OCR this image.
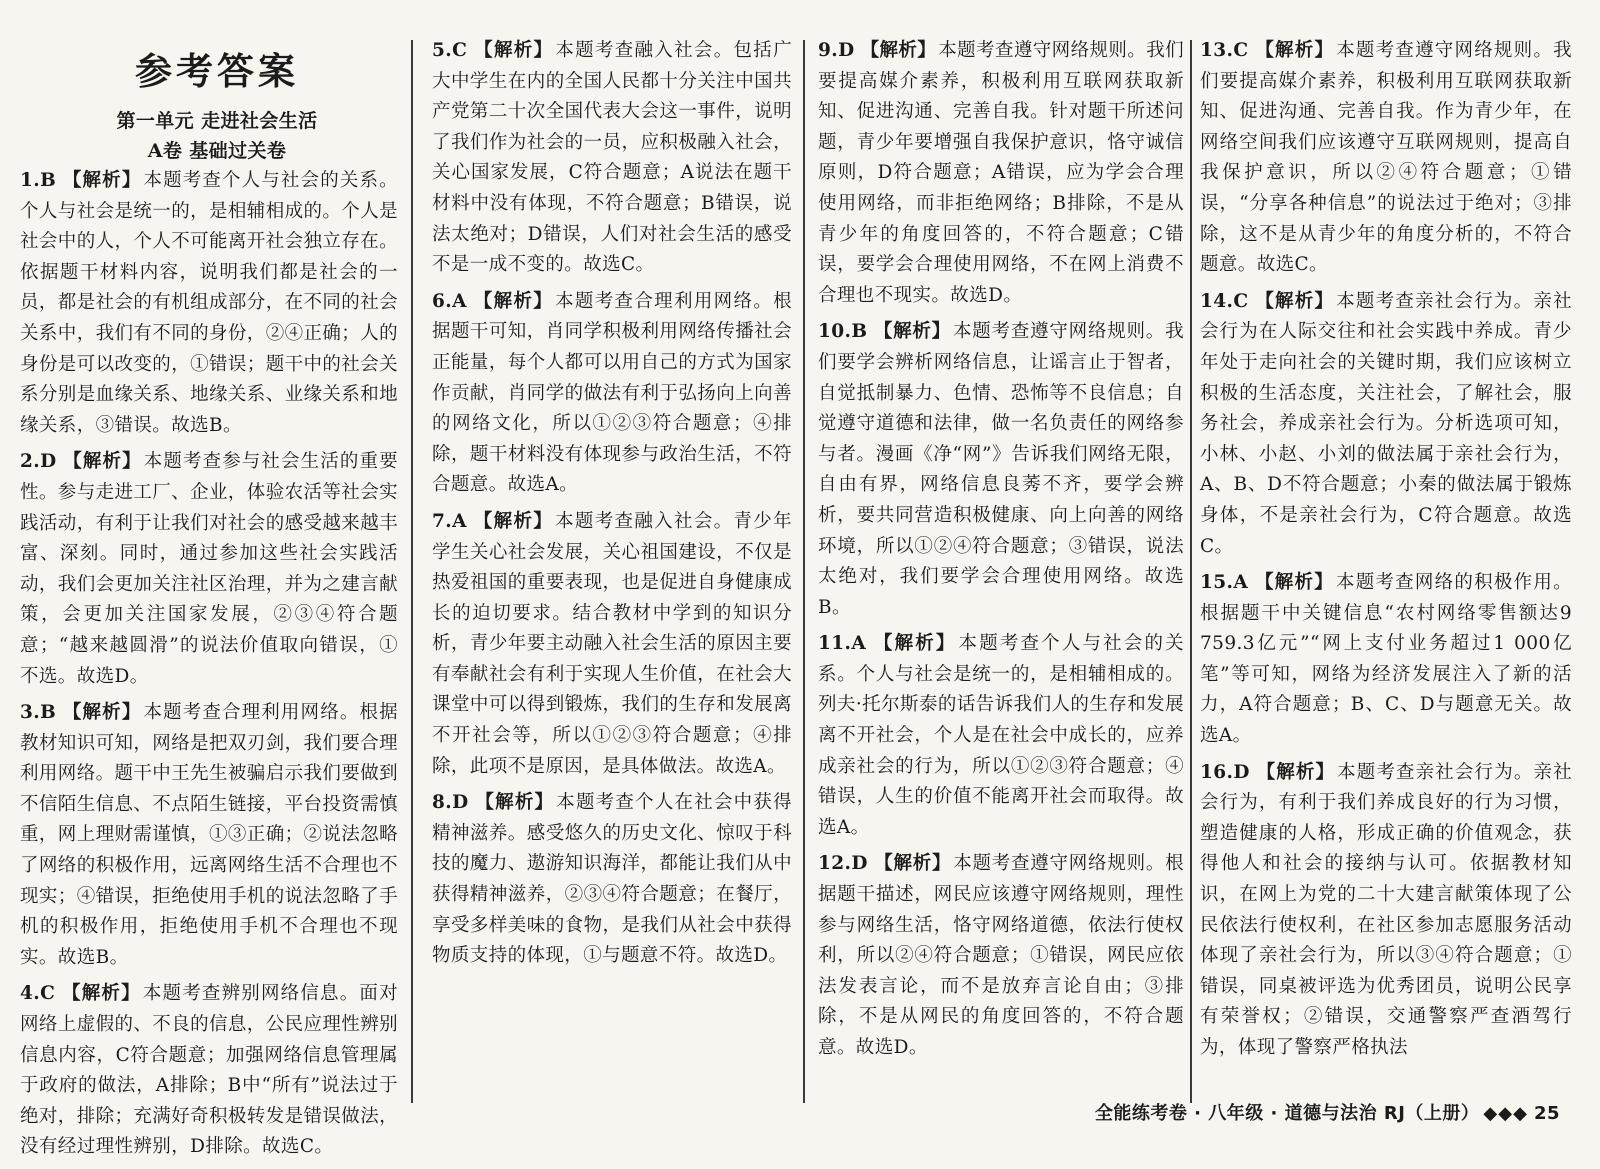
参考答案
第一单元 走进社会生活
A卷 基础过关卷
1.B 【解析】 本题考查个人与社会的关系。个人与社会是统一的，是相辅相成的。个人是社会中的人，个人不可能离开社会独立存在。依据题干材料内容，说明我们都是社会的一员，都是社会的有机组成部分，在不同的社会关系中，我们有不同的身份，②④正确；人的身份是可以改变的，①错误；题干中的社会关系分别是血缘关系、地缘关系、业缘关系和地缘关系，③错误。故选B。
2.D 【解析】 本题考查参与社会生活的重要性。参与走进工厂、企业，体验农活等社会实践活动，有利于让我们对社会的感受越来越丰富、深刻。同时，通过参加这些社会实践活动，我们会更加关注社区治理，并为之建言献策，会更加关注国家发展，②③④符合题意；“越来越圆滑”的说法价值取向错误，①不选。故选D。
3.B 【解析】 本题考查合理利用网络。根据教材知识可知，网络是把双刃剑，我们要合理利用网络。题干中王先生被骗启示我们要做到不信陌生信息、不点陌生链接，平台投资需慎重，网上理财需谨慎，①③正确；②说法忽略了网络的积极作用，远离网络生活不合理也不现实；④错误，拒绝使用手机的说法忽略了手机的积极作用，拒绝使用手机不合理也不现实。故选B。
4.C 【解析】 本题考查辨别网络信息。面对网络上虚假的、不良的信息，公民应理性辨别信息内容，C符合题意；加强网络信息管理属于政府的做法，A排除；B中“所有”说法过于绝对，排除；充满好奇积极转发是错误做法，没有经过理性辨别，D排除。故选C。
5.C 【解析】 本题考查融入社会。包括广大中学生在内的全国人民都十分关注中国共产党第二十次全国代表大会这一事件，说明了我们作为社会的一员，应积极融入社会，关心国家发展，C符合题意；A说法在题干材料中没有体现，不符合题意；B错误，说法太绝对；D错误，人们对社会生活的感受不是一成不变的。故选C。
6.A 【解析】 本题考查合理利用网络。根据题干可知，肖同学积极利用网络传播社会正能量，每个人都可以用自己的方式为国家作贡献，肖同学的做法有利于弘扬向上向善的网络文化，所以①②③符合题意；④排除，题干材料没有体现参与政治生活，不符合题意。故选A。
7.A 【解析】 本题考查融入社会。青少年学生关心社会发展，关心祖国建设，不仅是热爱祖国的重要表现，也是促进自身健康成长的迫切要求。结合教材中学到的知识分析，青少年要主动融入社会生活的原因主要有奉献社会有利于实现人生价值，在社会大课堂中可以得到锻炼，我们的生存和发展离不开社会等，所以①②③符合题意；④排除，此项不是原因，是具体做法。故选A。
8.D 【解析】 本题考查个人在社会中获得精神滋养。感受悠久的历史文化、惊叹于科技的魔力、遨游知识海洋，都能让我们从中获得精神滋养，②③④符合题意；在餐厅，享受多样美味的食物，是我们从社会中获得物质支持的体现，①与题意不符。故选D。
9.D 【解析】 本题考查遵守网络规则。我们要提高媒介素养，积极利用互联网获取新知、促进沟通、完善自我。针对题干所述问题，青少年要增强自我保护意识，恪守诚信原则，D符合题意；A错误，应为学会合理使用网络，而非拒绝网络；B排除，不是从青少年的角度回答的，不符合题意；C错误，要学会合理使用网络，不在网上消费不合理也不现实。故选D。
10.B 【解析】 本题考查遵守网络规则。我们要学会辨析网络信息，让谣言止于智者，自觉抵制暴力、色情、恐怖等不良信息；自觉遵守道德和法律，做一名负责任的网络参与者。漫画《净“网”》告诉我们网络无限，自由有界，网络信息良莠不齐，要学会辨析，要共同营造积极健康、向上向善的网络环境，所以①②④符合题意；③错误，说法太绝对，我们要学会合理使用网络。故选B。
11.A 【解析】 本题考查个人与社会的关系。个人与社会是统一的，是相辅相成的。列夫·托尔斯泰的话告诉我们人的生存和发展离不开社会，个人是在社会中成长的，应养成亲社会的行为，所以①②③符合题意；④错误，人生的价值不能离开社会而取得。故选A。
12.D 【解析】 本题考查遵守网络规则。根据题干描述，网民应该遵守网络规则，理性参与网络生活，恪守网络道德，依法行使权利，所以②④符合题意；①错误，网民应依法发表言论，而不是放弃言论自由；③排除，不是从网民的角度回答的，不符合题意。故选D。
13.C 【解析】 本题考查遵守网络规则。我们要提高媒介素养，积极利用互联网获取新知、促进沟通、完善自我。作为青少年，在网络空间我们应该遵守互联网规则，提高自我保护意识，所以②④符合题意；①错误，“分享各种信息”的说法过于绝对；③排除，这不是从青少年的角度分析的，不符合题意。故选C。
14.C 【解析】 本题考查亲社会行为。亲社会行为在人际交往和社会实践中养成。青少年处于走向社会的关键时期，我们应该树立积极的生活态度，关注社会，了解社会，服务社会，养成亲社会行为。分析选项可知，小林、小赵、小刘的做法属于亲社会行为，A、B、D不符合题意；小秦的做法属于锻炼身体，不是亲社会行为，C符合题意。故选C。
15.A 【解析】 本题考查网络的积极作用。根据题干中关键信息“农村网络零售额达9 759.3亿元”“网上支付业务超过1 000亿笔”等可知，网络为经济发展注入了新的活力，A符合题意；B、C、D与题意无关。故选A。
16.D 【解析】 本题考查亲社会行为。亲社会行为，有利于我们养成良好的行为习惯，塑造健康的人格，形成正确的价值观念，获得他人和社会的接纳与认可。依据教材知识，在网上为党的二十大建言献策体现了公民依法行使权利，在社区参加志愿服务活动体现了亲社会行为，所以③④符合题意；①错误，同桌被评选为优秀团员，说明公民享有荣誉权；②错误，交通警察严查酒驾行为，体现了警察严格执法
全能练考卷 · 八年级 · 道德与法治 RJ（上册） ◆◆◆ 25
